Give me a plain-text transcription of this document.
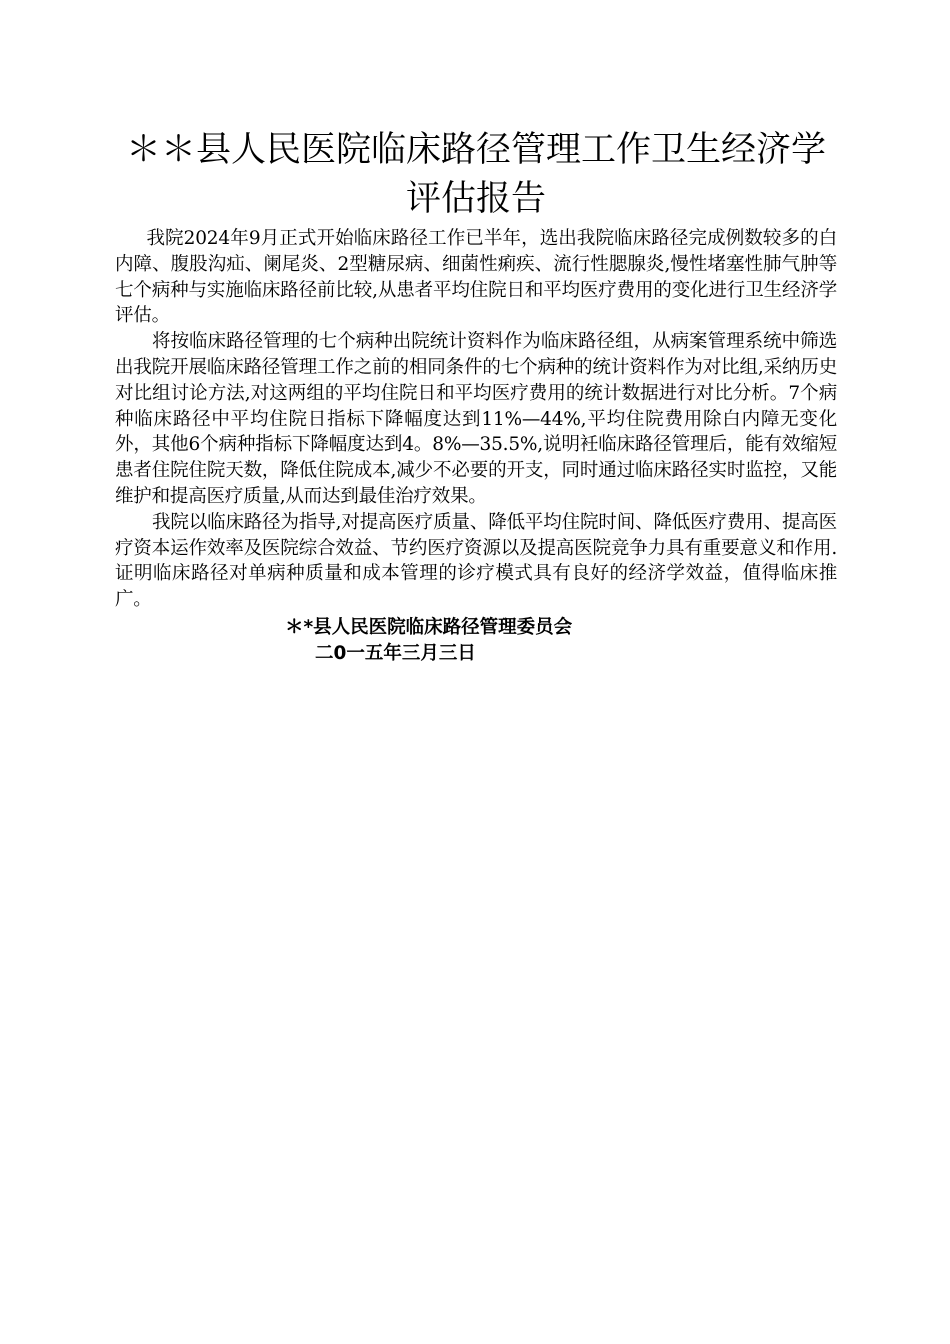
＊＊县人民医院临床路径管理工作卫生经济学
评估报告

我院2024年9月正式开始临床路径工作已半年，选出我院临床路径完成例数较多的白内障、腹股沟疝、阑尾炎、2型糖尿病、细菌性痢疾、流行性腮腺炎,慢性堵塞性肺气肿等七个病种与实施临床路径前比较,从患者平均住院日和平均医疗费用的变化进行卫生经济学评估。

将按临床路径管理的七个病种出院统计资料作为临床路径组，从病案管理系统中筛选出我院开展临床路径管理工作之前的相同条件的七个病种的统计资料作为对比组,采纳历史对比组讨论方法,对这两组的平均住院日和平均医疗费用的统计数据进行对比分析。7个病种临床路径中平均住院日指标下降幅度达到11%—44%,平均住院费用除白内障无变化外，其他6个病种指标下降幅度达到4。8%—35.5%,说明衽临床路径管理后，能有效缩短患者住院住院天数，降低住院成本,减少不必要的开支，同时通过临床路径实时监控，又能维护和提高医疗质量,从而达到最佳治疗效果。

我院以临床路径为指导,对提高医疗质量、降低平均住院时间、降低医疗费用、提高医疗资本运作效率及医院综合效益、节约医疗资源以及提高医院竞争力具有重要意义和作用.证明临床路径对单病种质量和成本管理的诊疗模式具有良好的经济学效益，值得临床推广。

＊*县人民医院临床路径管理委员会
二0一五年三月三日
